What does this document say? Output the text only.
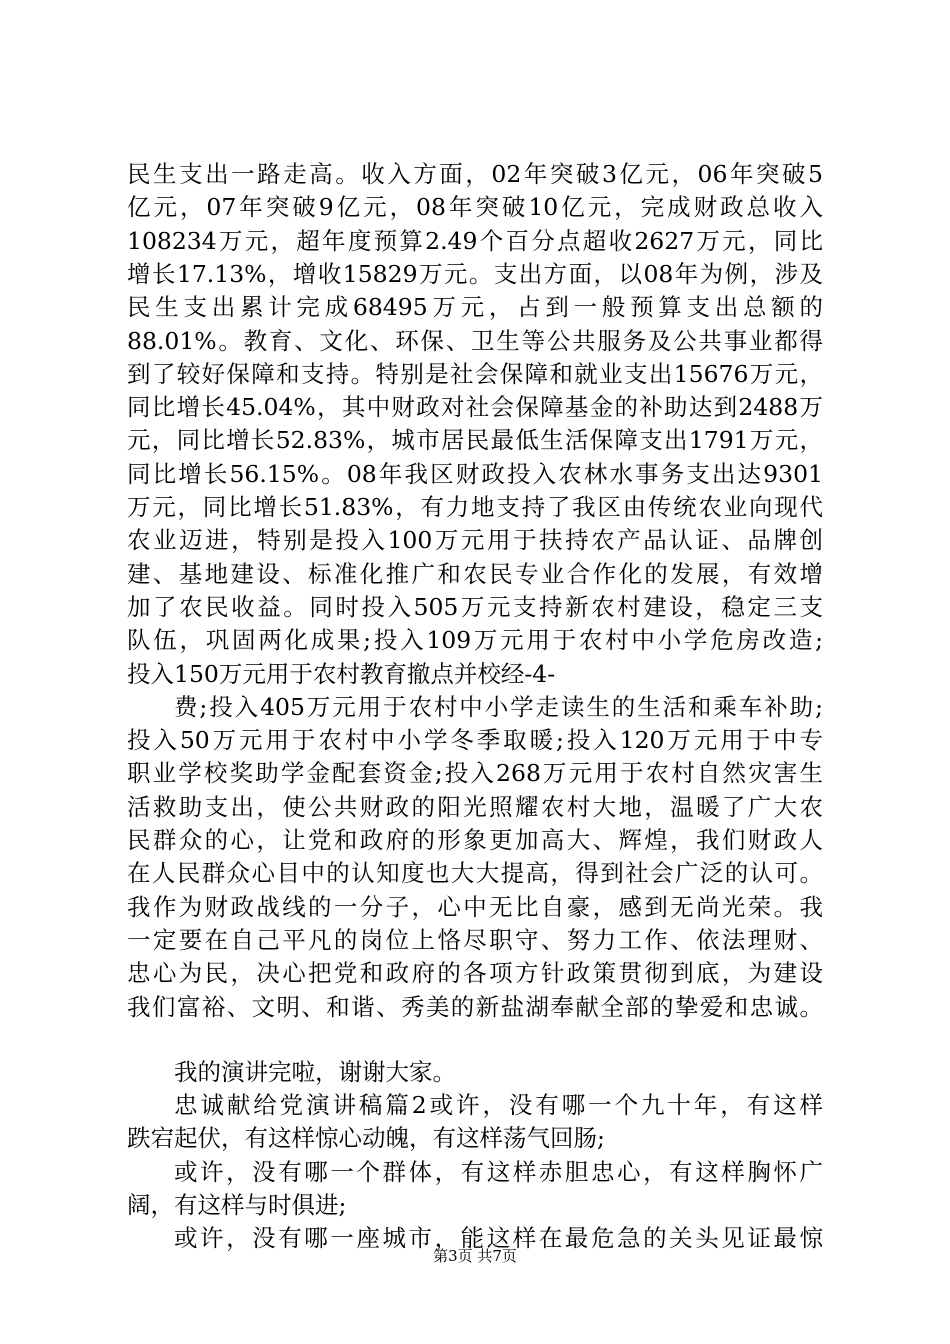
民生支出一路走高。收入方面，02年突破3亿元，06年突破5
亿元，07年突破9亿元，08年突破10亿元，完成财政总收入
108234万元，超年度预算2.49个百分点超收2627万元，同比
增长17.13%，增收15829万元。支出方面，以08年为例，涉及
民生支出累计完成68495万元，占到一般预算支出总额的
88.01%。教育、文化、环保、卫生等公共服务及公共事业都得
到了较好保障和支持。特别是社会保障和就业支出15676万元，
同比增长45.04%，其中财政对社会保障基金的补助达到2488万
元，同比增长52.83%，城市居民最低生活保障支出1791万元，
同比增长56.15%。08年我区财政投入农林水事务支出达9301
万元，同比增长51.83%，有力地支持了我区由传统农业向现代
农业迈进，特别是投入100万元用于扶持农产品认证、品牌创
建、基地建设、标准化推广和农民专业合作化的发展，有效增
加了农民收益。同时投入505万元支持新农村建设，稳定三支
队伍，巩固两化成果;投入109万元用于农村中小学危房改造;
投入150万元用于农村教育撤点并校经-4-
费;投入405万元用于农村中小学走读生的生活和乘车补助;
投入50万元用于农村中小学冬季取暖;投入120万元用于中专
职业学校奖助学金配套资金;投入268万元用于农村自然灾害生
活救助支出，使公共财政的阳光照耀农村大地，温暖了广大农
民群众的心，让党和政府的形象更加高大、辉煌，我们财政人
在人民群众心目中的认知度也大大提高，得到社会广泛的认可。
我作为财政战线的一分子，心中无比自豪，感到无尚光荣。我
一定要在自己平凡的岗位上恪尽职守、努力工作、依法理财、
忠心为民，决心把党和政府的各项方针政策贯彻到底，为建设
我们富裕、文明、和谐、秀美的新盐湖奉献全部的挚爱和忠诚。
我的演讲完啦，谢谢大家。
忠诚献给党演讲稿篇2或许，没有哪一个九十年，有这样
跌宕起伏，有这样惊心动魄，有这样荡气回肠;
或许，没有哪一个群体，有这样赤胆忠心，有这样胸怀广
阔，有这样与时俱进;
或许，没有哪一座城市，能这样在最危急的关头见证最惊
第3页 共7页
